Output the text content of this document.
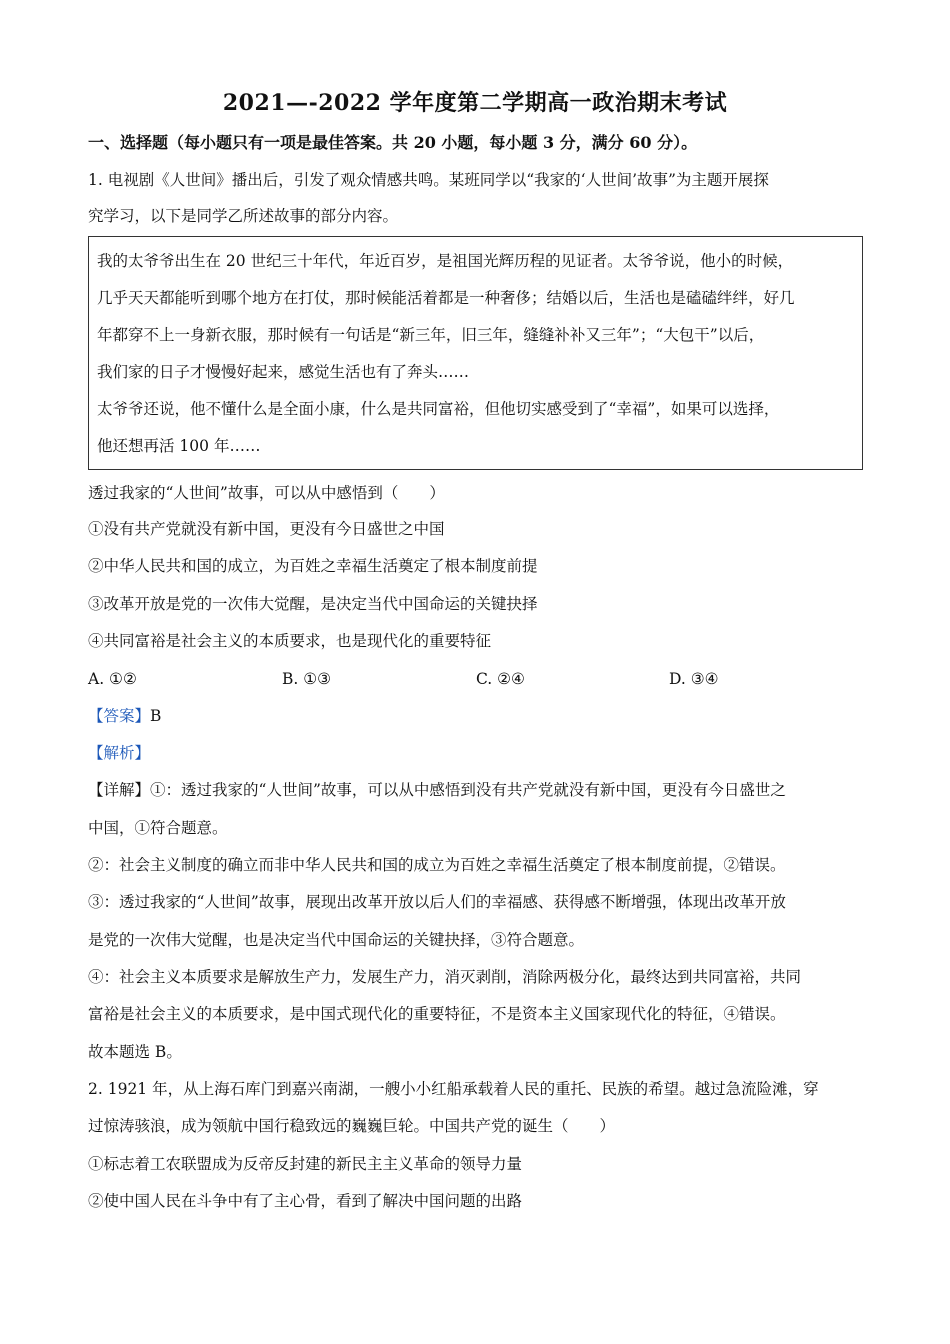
2021—-2022 学年度第二学期高一政治期末考试
一、选择题（每小题只有一项是最佳答案。共 20 小题，每小题 3 分，满分 60 分）。
1. 电视剧《人世间》播出后，引发了观众情感共鸣。某班同学以“我家的‘人世间’故事”为主题开展探
究学习，以下是同学乙所述故事的部分内容。
我的太爷爷出生在 20 世纪三十年代，年近百岁，是祖国光辉历程的见证者。太爷爷说，他小的时候，
几乎天天都能听到哪个地方在打仗，那时候能活着都是一种奢侈；结婚以后，生活也是磕磕绊绊，好几
年都穿不上一身新衣服，那时候有一句话是“新三年，旧三年，缝缝补补又三年”；“大包干”以后，
我们家的日子才慢慢好起来，感觉生活也有了奔头……
太爷爷还说，他不懂什么是全面小康，什么是共同富裕，但他切实感受到了“幸福”，如果可以选择，
他还想再活 100 年……
透过我家的“人世间”故事，可以从中感悟到（　　）
①没有共产党就没有新中国，更没有今日盛世之中国
②中华人民共和国的成立，为百姓之幸福生活奠定了根本制度前提
③改革开放是党的一次伟大觉醒，是决定当代中国命运的关键抉择
④共同富裕是社会主义的本质要求，也是现代化的重要特征
A. ①②	B. ①③	C. ②④	D. ③④
【答案】B
【解析】
【详解】①：透过我家的“人世间”故事，可以从中感悟到没有共产党就没有新中国，更没有今日盛世之
中国，①符合题意。
②：社会主义制度的确立而非中华人民共和国的成立为百姓之幸福生活奠定了根本制度前提，②错误。
③：透过我家的“人世间”故事，展现出改革开放以后人们的幸福感、获得感不断增强，体现出改革开放
是党的一次伟大觉醒，也是决定当代中国命运的关键抉择，③符合题意。
④：社会主义本质要求是解放生产力，发展生产力，消灭剥削，消除两极分化，最终达到共同富裕，共同
富裕是社会主义的本质要求，是中国式现代化的重要特征，不是资本主义国家现代化的特征，④错误。
故本题选 B。
2. 1921 年，从上海石库门到嘉兴南湖，一艘小小红船承载着人民的重托、民族的希望。越过急流险滩，穿
过惊涛骇浪，成为领航中国行稳致远的巍巍巨轮。中国共产党的诞生（　　）
①标志着工农联盟成为反帝反封建的新民主主义革命的领导力量
②使中国人民在斗争中有了主心骨，看到了解决中国问题的出路
